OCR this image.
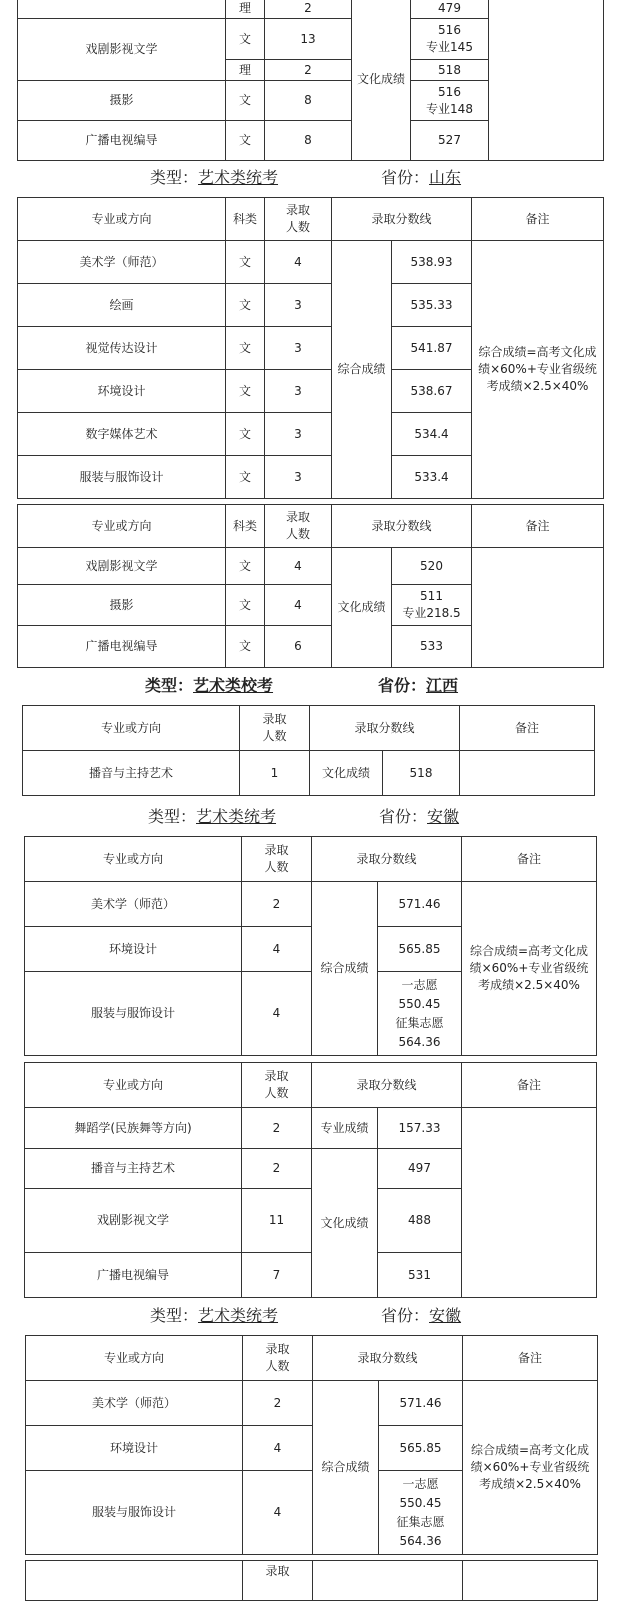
	理	2	文化成绩	479	
戏剧影视文学	文	13		516
专业145	
	理	2		518	
摄影	文	8		516
专业148	
广播电视编导	文	8		527	
类型：艺术类统考	省份：山东
专业或方向	科类	录取人数	录取分数线		备注
美术学（师范）	文	4	综合成绩	538.93	综合成绩=高考文化成绩×60%+专业省级统考成绩×2.5×40%
绘画	文	3		535.33	
视觉传达设计	文	3		541.87	
环境设计	文	3		538.67	
数字媒体艺术	文	3		534.4	
服装与服饰设计	文	3		533.4	
专业或方向	科类	录取人数	录取分数线		备注
戏剧影视文学	文	4	文化成绩	520	
摄影	文	4		511
专业218.5	
广播电视编导	文	6		533	
类型：艺术类校考	省份：江西
专业或方向	录取人数	录取分数线		备注
播音与主持艺术	1	文化成绩	518	
类型：艺术类统考	省份：安徽
专业或方向	录取人数	录取分数线		备注
美术学（师范）	2	综合成绩	571.46	综合成绩=高考文化成绩×60%+专业省级统考成绩×2.5×40%
环境设计	4		565.85	
服装与服饰设计	4		一志愿
550.45
征集志愿
564.36	
专业或方向	录取人数	录取分数线		备注
舞蹈学(民族舞等方向)	2	专业成绩	157.33	
播音与主持艺术	2	文化成绩	497	
戏剧影视文学	11		488	
广播电视编导	7		531	
类型：艺术类统考	省份：安徽
专业或方向	录取人数	录取分数线		备注
美术学（师范）	2	综合成绩	571.46	综合成绩=高考文化成绩×60%+专业省级统考成绩×2.5×40%
环境设计	4		565.85	
服装与服饰设计	4		一志愿
550.45
征集志愿
564.36	
	录取		
